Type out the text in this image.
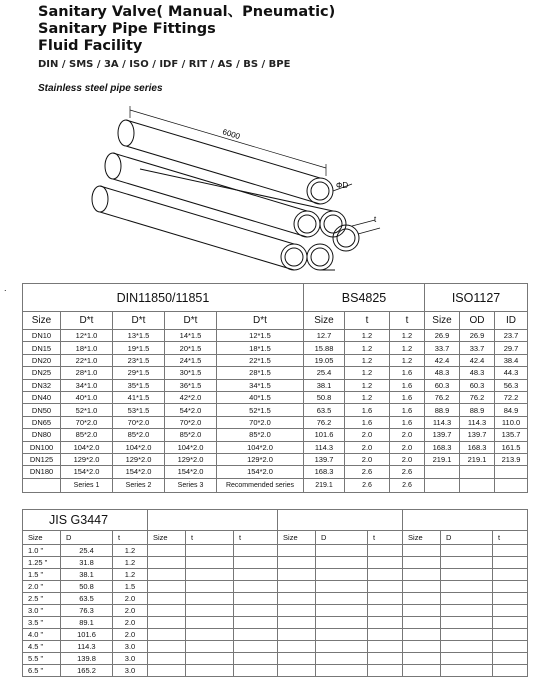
Sanitary Valve( Manual、Pneumatic)
Sanitary Pipe Fittings
Fluid Facility
DIN / SMS / 3A / ISO / IDF / RIT / AS / BS / BPE
Stainless steel pipe series
6000
ΦD
t
.
DIN11850/11851					BS4825			ISO1127		
Size	D*t	D*t	D*t	D*t	Size	t	t	Size	OD	ID
DN10	12*1.0	13*1.5	14*1.5	12*1.5	12.7	1.2	1.2	26.9	26.9	23.7
DN15	18*1.0	19*1.5	20*1.5	18*1.5	15.88	1.2	1.2	33.7	33.7	29.7
DN20	22*1.0	23*1.5	24*1.5	22*1.5	19.05	1.2	1.2	42.4	42.4	38.4
DN25	28*1.0	29*1.5	30*1.5	28*1.5	25.4	1.2	1.6	48.3	48.3	44.3
DN32	34*1.0	35*1.5	36*1.5	34*1.5	38.1	1.2	1.6	60.3	60.3	56.3
DN40	40*1.0	41*1.5	42*2.0	40*1.5	50.8	1.2	1.6	76.2	76.2	72.2
DN50	52*1.0	53*1.5	54*2.0	52*1.5	63.5	1.6	1.6	88.9	88.9	84.9
DN65	70*2.0	70*2.0	70*2.0	70*2.0	76.2	1.6	1.6	114.3	114.3	110.0
DN80	85*2.0	85*2.0	85*2.0	85*2.0	101.6	2.0	2.0	139.7	139.7	135.7
DN100	104*2.0	104*2.0	104*2.0	104*2.0	114.3	2.0	2.0	168.3	168.3	161.5
DN125	129*2.0	129*2.0	129*2.0	129*2.0	139.7	2.0	2.0	219.1	219.1	213.9
DN180	154*2.0	154*2.0	154*2.0	154*2.0	168.3	2.6	2.6			
	Series 1	Series 2	Series 3	Recommended series	219.1	2.6	2.6			
JIS G3447											
Size	D	t	Size	t	t	Size	D	t	Size	D	t
1.0 "	25.4	1.2									
1.25 "	31.8	1.2									
1.5 "	38.1	1.2									
2.0 "	50.8	1.5									
2.5 "	63.5	2.0									
3.0 "	76.3	2.0									
3.5 "	89.1	2.0									
4.0 "	101.6	2.0									
4.5 "	114.3	3.0									
5.5 "	139.8	3.0									
6.5 "	165.2	3.0									
